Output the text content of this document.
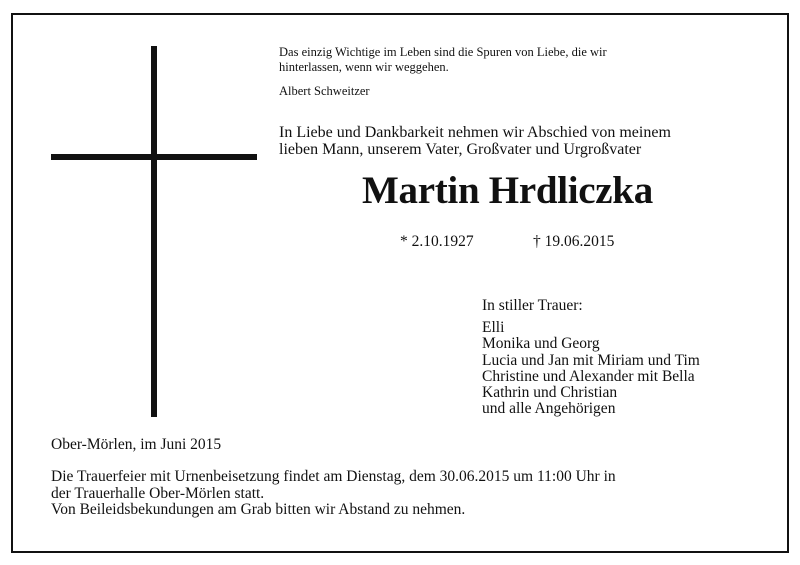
Das einzig Wichtige im Leben sind die Spuren von Liebe, die wir
hinterlassen, wenn wir weggehen.
Albert Schweitzer
In Liebe und Dankbarkeit nehmen wir Abschied von meinem
lieben Mann, unserem Vater, Großvater und Urgroßvater
Martin Hrdliczka
* 2.10.1927	† 19.06.2015
In stiller Trauer:
Elli
Monika und Georg
Lucia und Jan mit Miriam und Tim
Christine und Alexander mit Bella
Kathrin und Christian
und alle Angehörigen
Ober-Mörlen, im Juni 2015
Die Trauerfeier mit Urnenbeisetzung findet am Dienstag, dem 30.06.2015 um 11:00 Uhr in
der Trauerhalle Ober-Mörlen statt.
Von Beileidsbekundungen am Grab bitten wir Abstand zu nehmen.
